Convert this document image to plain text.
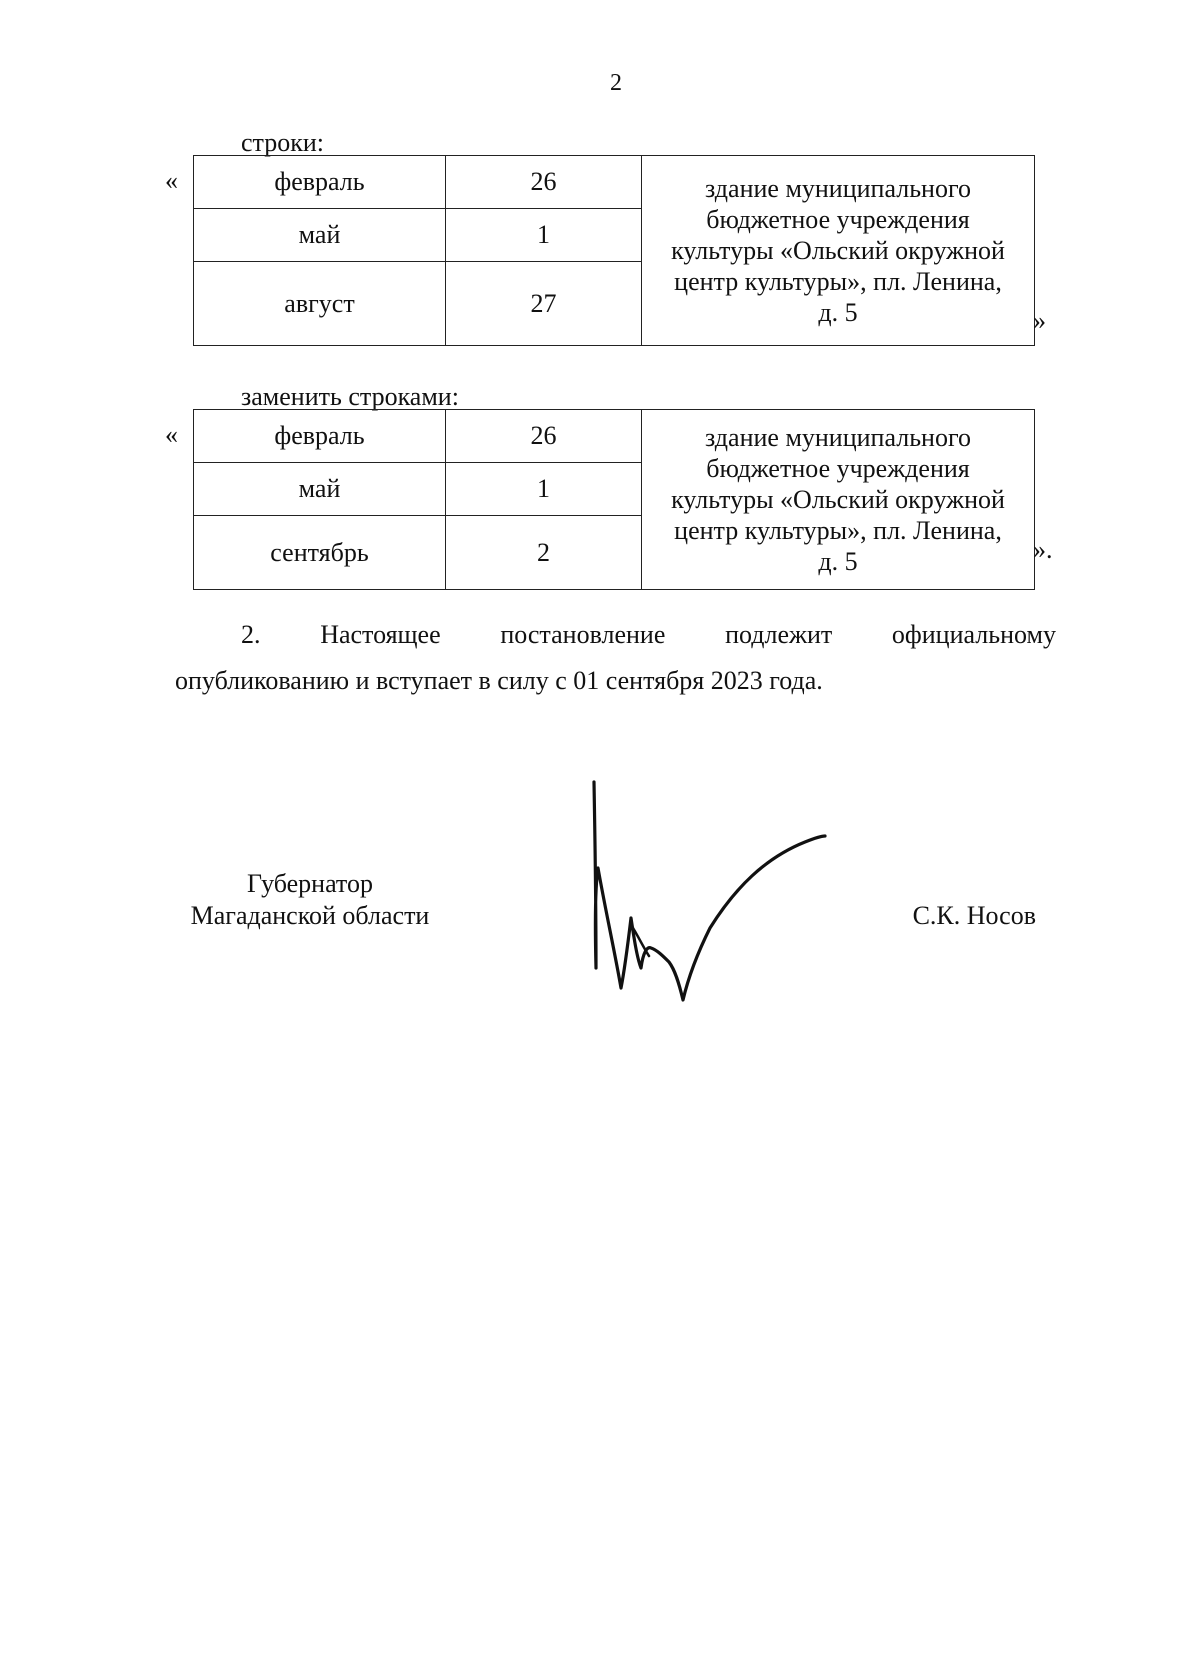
2
строки:
«	февраль	26	здание муниципального
бюджетное учреждения
культуры «Ольский окружной
центр культуры», пл. Ленина,
д. 5

май	1	
август	27	
»
заменить строками:
«	февраль	26	здание муниципального
бюджетное учреждения
культуры «Ольский окружной
центр культуры», пл. Ленина,
д. 5

май	1	
сентябрь	2		».
2. Настоящее постановление подлежит официальному
опубликованию и вступает в силу с 01 сентября 2023 года.
Губернатор
Магаданской области	С.К. Носов
